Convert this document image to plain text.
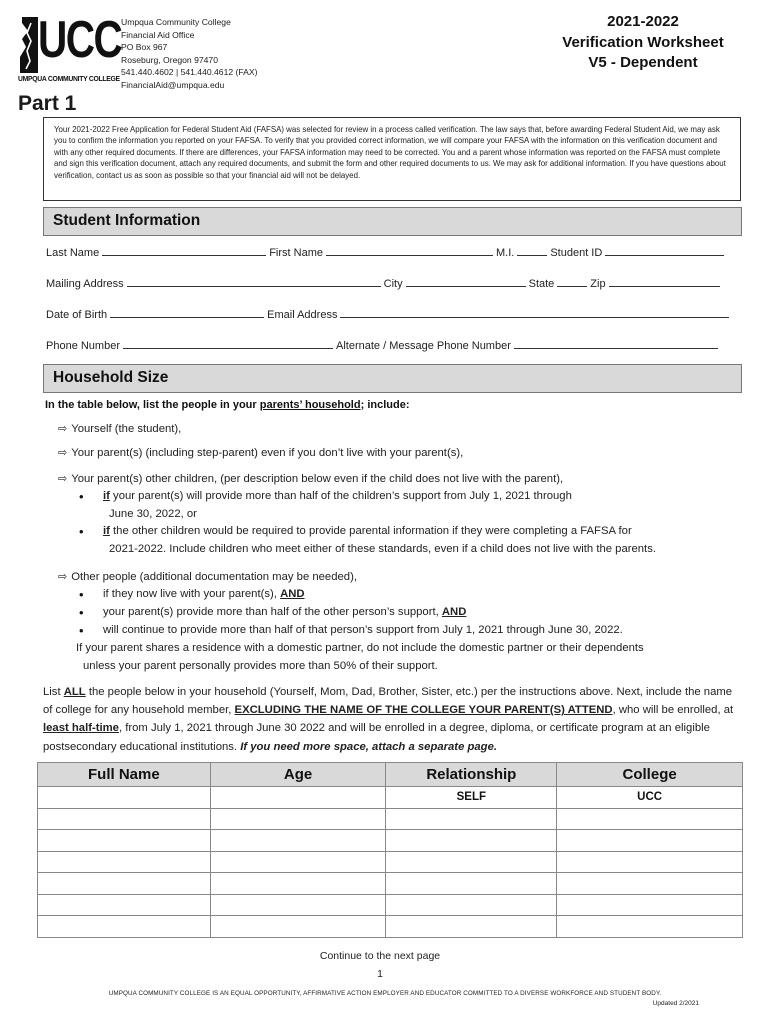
UCC
UMPQUA COMMUNITY COLLEGE
Umpqua Community College
Financial Aid Office
PO Box 967
Roseburg, Oregon 97470
541.440.4602 | 541.440.4612 (FAX)
FinancialAid@umpqua.edu
2021-2022
Verification Worksheet
V5 - Dependent
Part 1
Your 2021-2022 Free Application for Federal Student Aid (FAFSA) was selected for review in a process called verification. The law says that, before awarding Federal Student Aid, we may ask you to confirm the information you reported on your FAFSA. To verify that you provided correct information, we will compare your FAFSA with the information on this verification document and with any other required documents. If there are differences, your FAFSA information may need to be corrected. You and a parent whose information was reported on the FAFSA must complete and sign this verification document, attach any required documents, and submit the form and other required documents to us. We may ask for additional information. If you have questions about verification, contact us as soon as possible so that your financial aid will not be delayed.
Student Information
Last Name	First Name	M.I.	Student ID
Mailing Address	City	State	Zip
Date of Birth	Email Address
Phone Number	Alternate / Message Phone Number
Household Size
In the table below, list the people in your parents’ household; include:
⇨ Yourself (the student),
⇨ Your parent(s) (including step-parent) even if you don’t live with your parent(s),
⇨ Your parent(s) other children, (per description below even if the child does not live with the parent),
• if your parent(s) will provide more than half of the children’s support from July 1, 2021 through
June 30, 2022, or
• if the other children would be required to provide parental information if they were completing a FAFSA for
2021-2022. Include children who meet either of these standards, even if a child does not live with the parents.
⇨ Other people (additional documentation may be needed),
• if they now live with your parent(s), AND
• your parent(s) provide more than half of the other person’s support, AND
• will continue to provide more than half of that person’s support from July 1, 2021 through June 30, 2022.
If your parent shares a residence with a domestic partner, do not include the domestic partner or their dependents
unless your parent personally provides more than 50% of their support.
List ALL the people below in your household (Yourself, Mom, Dad, Brother, Sister, etc.) per the instructions above. Next, include the name of college for any household member, EXCLUDING THE NAME OF THE COLLEGE YOUR PARENT(S) ATTEND, who will be enrolled, at least half-time, from July 1, 2021 through June 30 2022 and will be enrolled in a degree, diploma, or certificate program at an eligible postsecondary educational institutions. If you need more space, attach a separate page.
Full Name	Age	Relationship	College
		SELF	UCC

Continue to the next page
1
UMPQUA COMMUNITY COLLEGE IS AN EQUAL OPPORTUNITY, AFFIRMATIVE ACTION EMPLOYER AND EDUCATOR COMMITTED TO A DIVERSE WORKFORCE AND STUDENT BODY.
Updated 2/2021
